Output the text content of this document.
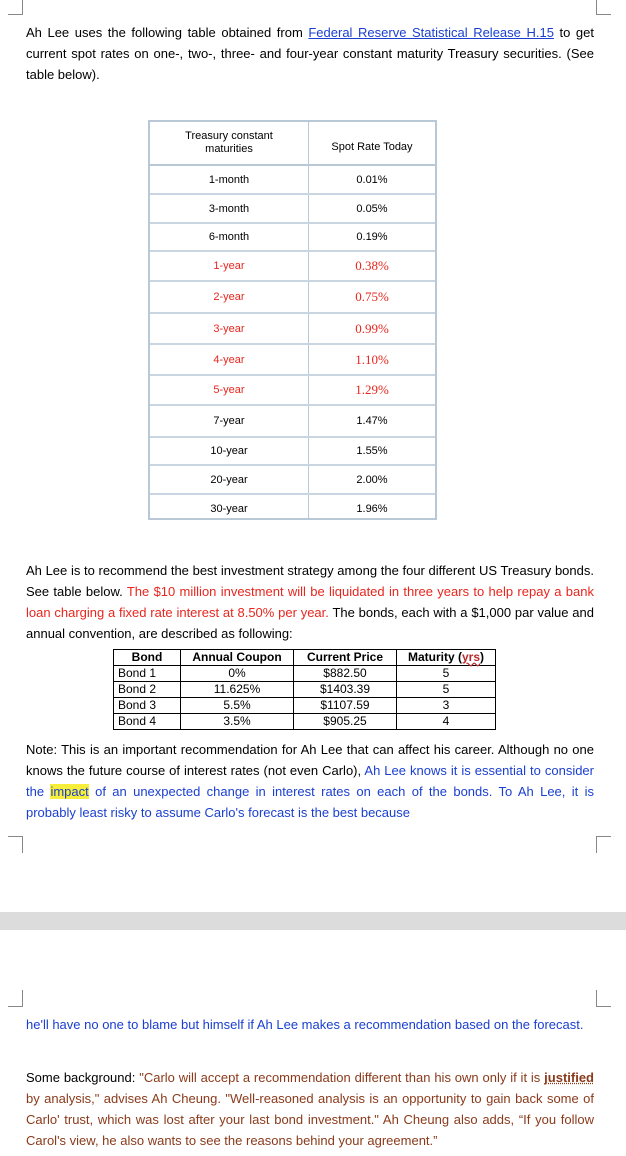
Ah Lee uses the following table obtained from Federal Reserve Statistical Release H.15 to get current spot rates on one-, two-, three- and four-year constant maturity Treasury securities. (See table below).
Treasury constant maturities	Spot Rate Today
1-month	0.01%
3-month	0.05%
6-month	0.19%
1-year	0.38%
2-year	0.75%
3-year	0.99%
4-year	1.10%
5-year	1.29%
7-year	1.47%
10-year	1.55%
20-year	2.00%
30-year	1.96%
Ah Lee is to recommend the best investment strategy among the four different US Treasury bonds. See table below. The $10 million investment will be liquidated in three years to help repay a bank loan charging a fixed rate interest at 8.50% per year. The bonds, each with a $1,000 par value and annual convention, are described as following:
Bond	Annual Coupon	Current Price	Maturity (yrs)
Bond 1	0%	$882.50	5
Bond 2	11.625%	$1403.39	5
Bond 3	5.5%	$1107.59	3
Bond 4	3.5%	$905.25	4
Note: This is an important recommendation for Ah Lee that can affect his career. Although no one knows the future course of interest rates (not even Carlo), Ah Lee knows it is essential to consider the impact of an unexpected change in interest rates on each of the bonds. To Ah Lee, it is probably least risky to assume Carlo's forecast is the best because
he'll have no one to blame but himself if Ah Lee makes a recommendation based on the forecast.
Some background: "Carlo will accept a recommendation different than his own only if it is justified by analysis," advises Ah Cheung. "Well-reasoned analysis is an opportunity to gain back some of Carlo' trust, which was lost after your last bond investment." Ah Cheung also adds, “If you follow Carol's view, he also wants to see the reasons behind your agreement.”
